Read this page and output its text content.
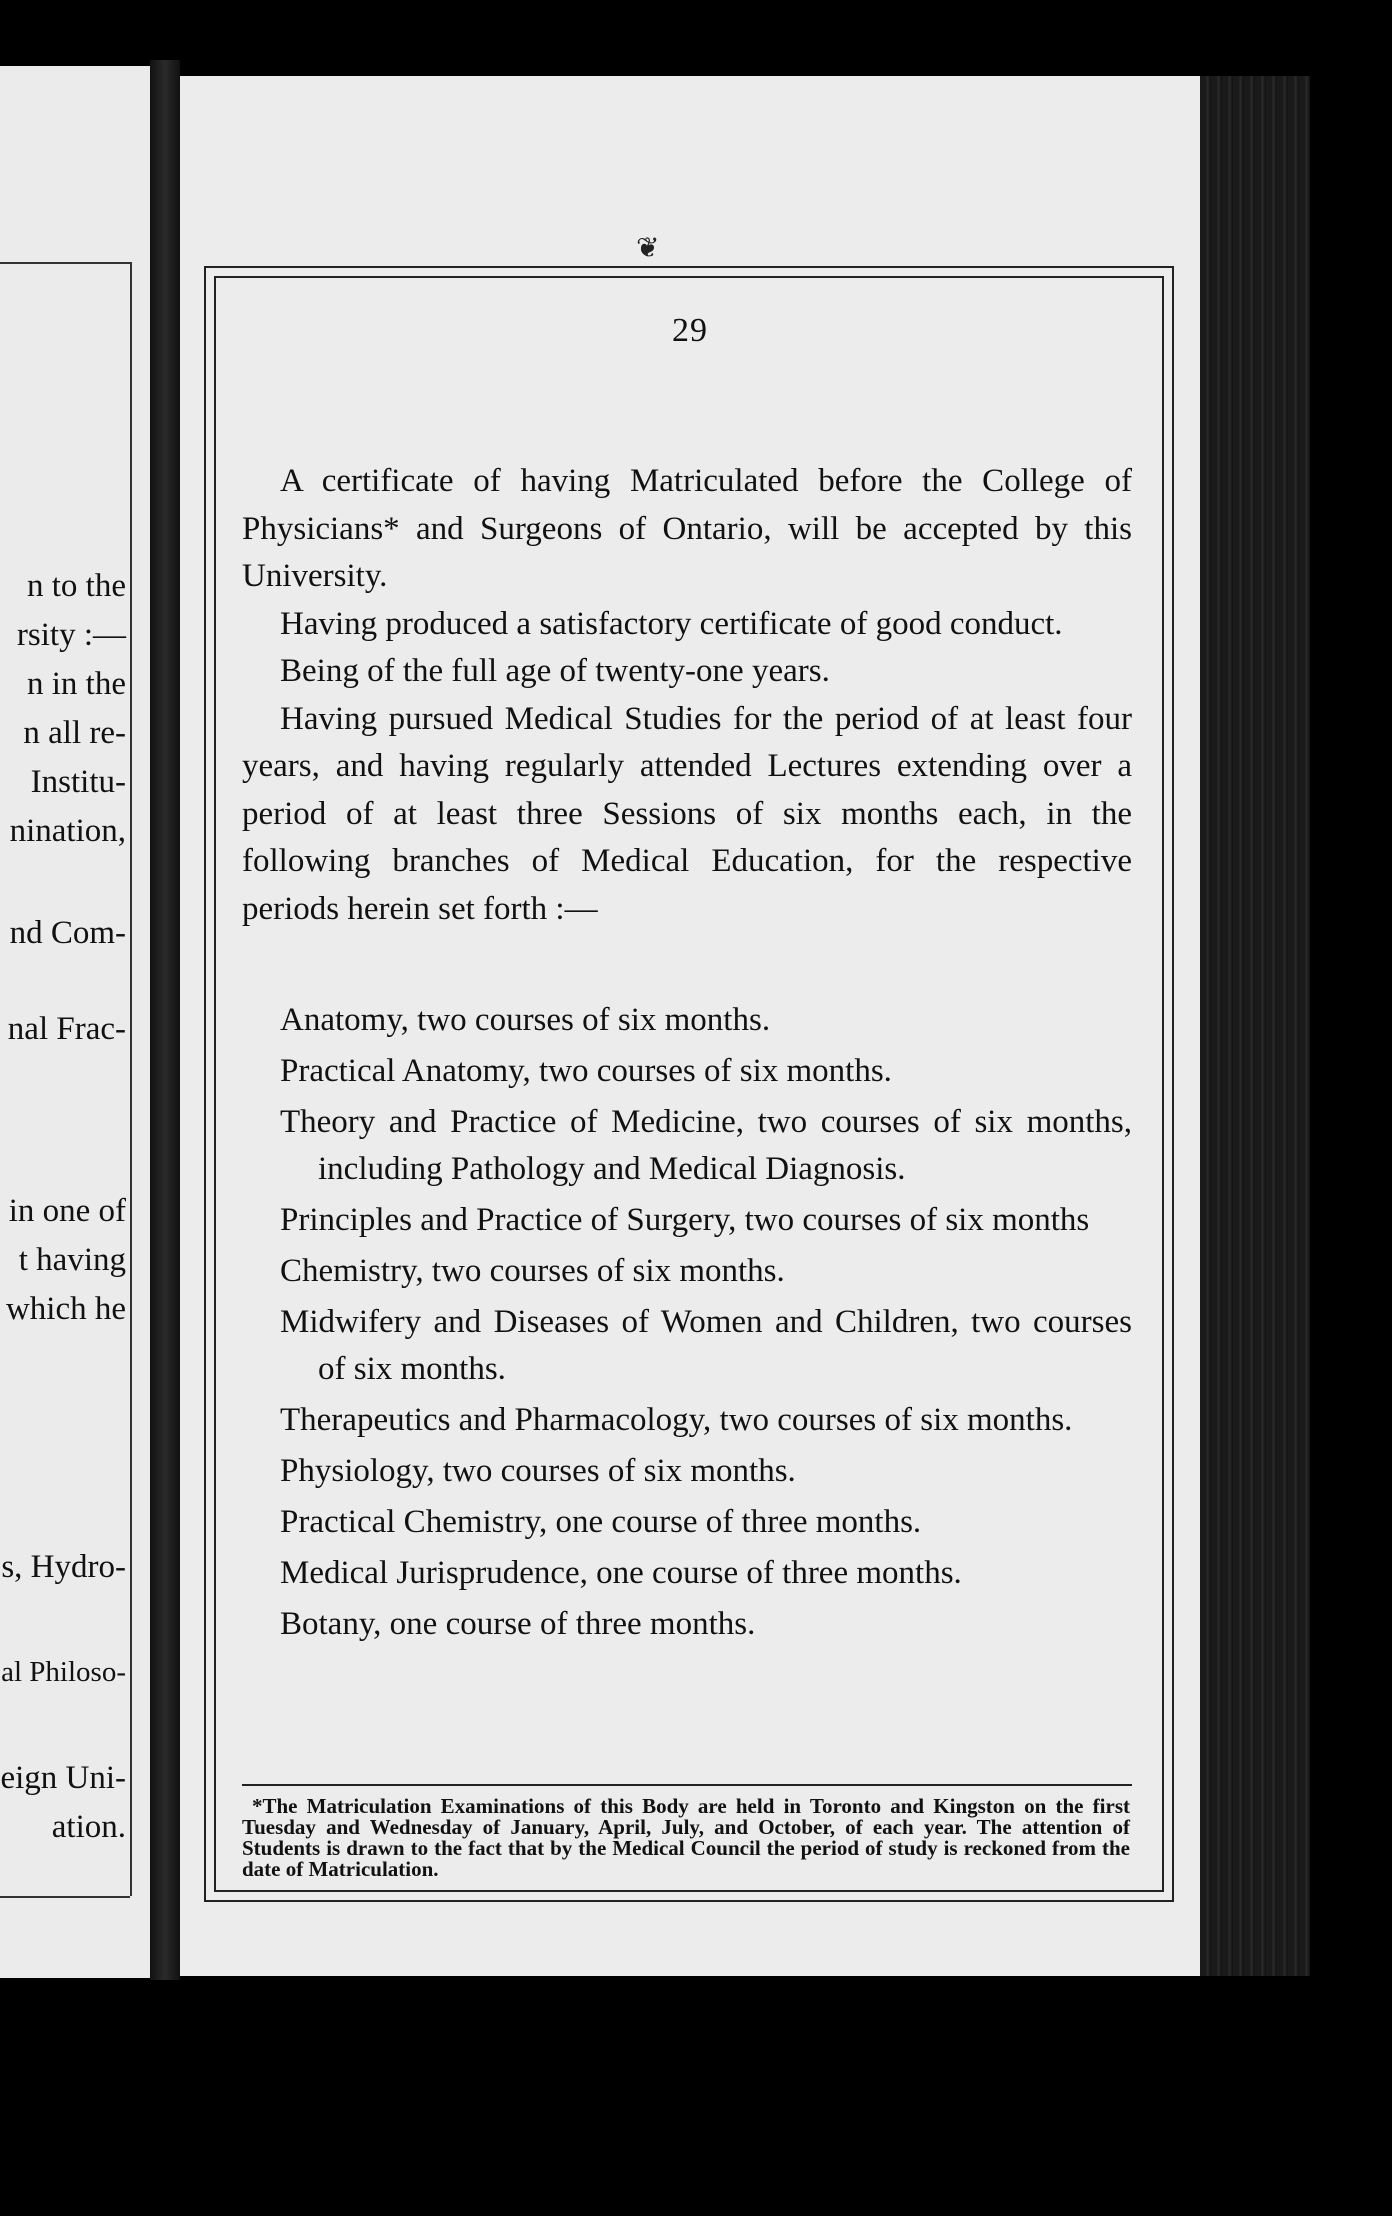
n to the
rsity :—
n in the
n all re-
Institu-
nination,
nd Com-
nal Frac-
in one of
t having
which he
s, Hydro-
al Philoso-
eign Uni-
ation.
❦
29

A certificate of having Matriculated before the College of Physicians* and Surgeons of Ontario, will be accepted by this University.

Having produced a satisfactory certificate of good conduct.

Being of the full age of twenty-one years.

Having pursued Medical Studies for the period of at least four years, and having regularly attended Lectures extending over a period of at least three Sessions of six months each, in the following branches of Medical Education, for the respective periods herein set forth :—

Anatomy, two courses of six months.
Practical Anatomy, two courses of six months.
Theory and Practice of Medicine, two courses of six months, including Pathology and Medical Diagnosis.
Principles and Practice of Surgery, two courses of six months
Chemistry, two courses of six months.
Midwifery and Diseases of Women and Children, two courses of six months.
Therapeutics and Pharmacology, two courses of six months.
Physiology, two courses of six months.
Practical Chemistry, one course of three months.
Medical Jurisprudence, one course of three months.
Botany, one course of three months.
*The Matriculation Examinations of this Body are held in Toronto and Kingston on the first Tuesday and Wednesday of January, April, July, and October, of each year. The attention of Students is drawn to the fact that by the Medical Council the period of study is reckoned from the date of Matriculation.
